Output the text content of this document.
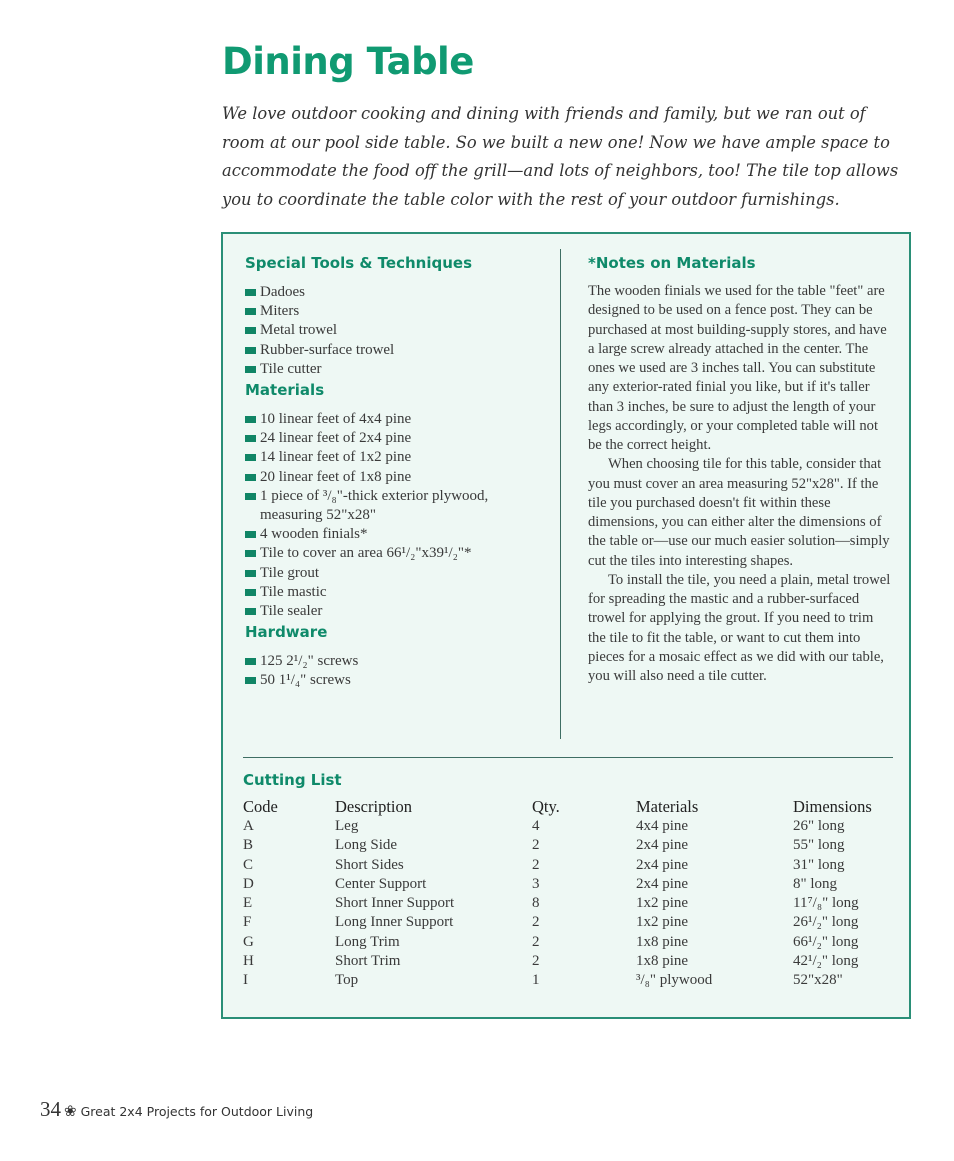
Dining Table

We love outdoor cooking and dining with friends and family, but we ran out of room at our pool side table. So we built a new one! Now we have ample space to accommodate the food off the grill—and lots of neighbors, too! The tile top allows you to coordinate the table color with the rest of your outdoor furnishings.

Special Tools & Techniques
Dadoes
Miters
Metal trowel
Rubber-surface trowel
Tile cutter
Materials
10 linear feet of 4x4 pine
24 linear feet of 2x4 pine
14 linear feet of 1x2 pine
20 linear feet of 1x8 pine
1 piece of ³/₈"-thick exterior plywood, measuring 52"x28"
4 wooden finials*
Tile to cover an area 66¹/₂"x39¹/₂"*
Tile grout
Tile mastic
Tile sealer
Hardware
125 2¹/₂" screws
50 1¹/₄" screws
*Notes on Materials

The wooden finials we used for the table "feet" are designed to be used on a fence post. They can be purchased at most building-supply stores, and have a large screw already attached in the center. The ones we used are 3 inches tall. You can substitute any exterior-rated finial you like, but if it's taller than 3 inches, be sure to adjust the length of your legs accordingly, or your completed table will not be the correct height.

When choosing tile for this table, consider that you must cover an area measuring 52"x28". If the tile you purchased doesn't fit within these dimensions, you can either alter the dimensions of the table or—use our much easier solution—simply cut the tiles into interesting shapes.

To install the tile, you need a plain, metal trowel for spreading the mastic and a rubber-surfaced trowel for applying the grout. If you need to trim the tile to fit the table, or want to cut them into pieces for a mosaic effect as we did with our table, you will also need a tile cutter.

Cutting List
Code	Description	Qty.	Materials	Dimensions
A	Leg	4	4x4 pine	26" long
B	Long Side	2	2x4 pine	55" long
C	Short Sides	2	2x4 pine	31" long
D	Center Support	3	2x4 pine	8" long
E	Short Inner Support	8	1x2 pine	11⁷/₈" long
F	Long Inner Support	2	1x2 pine	26¹/₂" long
G	Long Trim	2	1x8 pine	66¹/₂" long
H	Short Trim	2	1x8 pine	42¹/₂" long
I	Top	1	³/₈" plywood	52"x28"
34 ❀ Great 2x4 Projects for Outdoor Living
